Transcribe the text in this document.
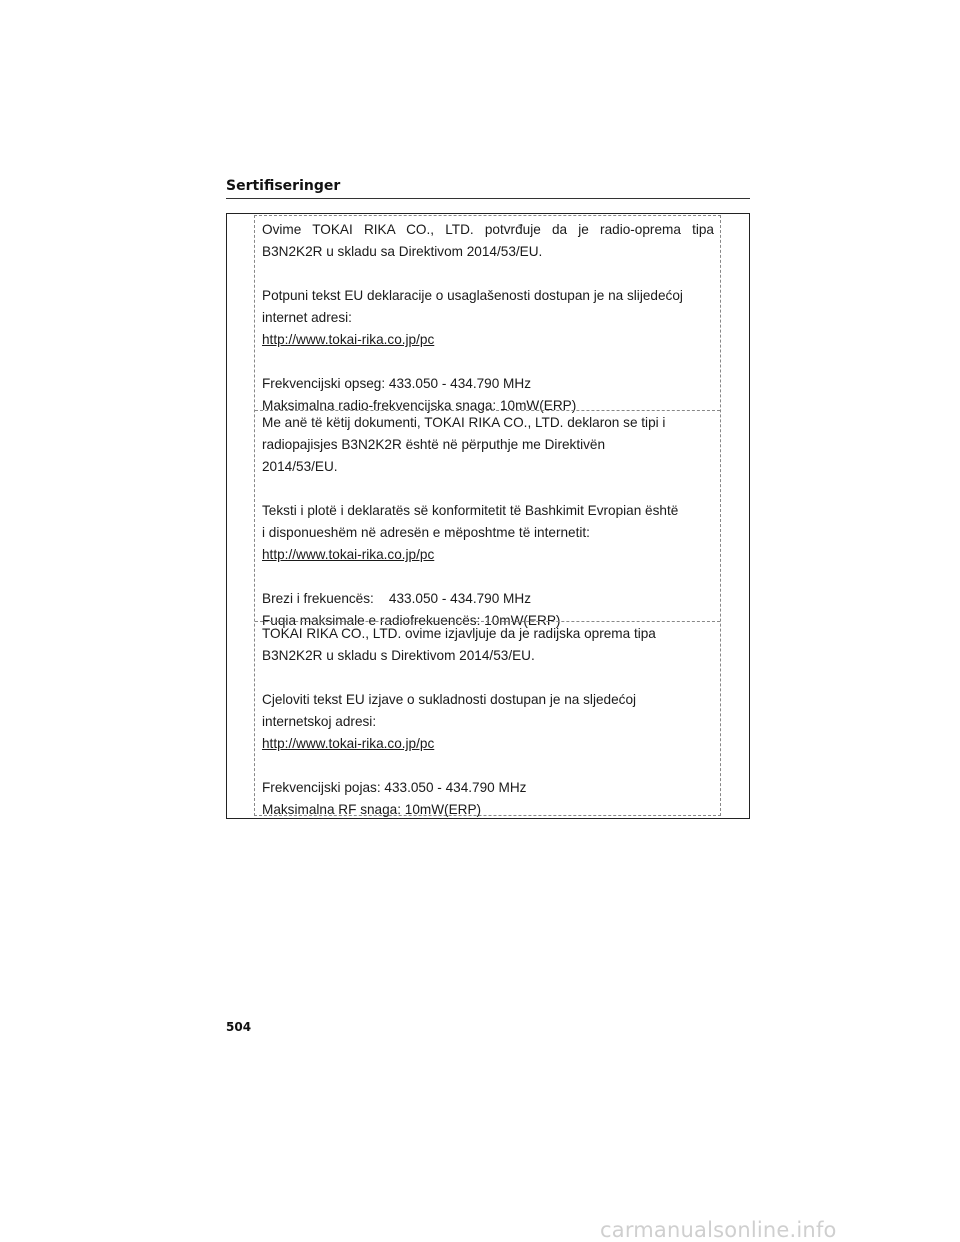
Sertifiseringer

Ovime TOKAI RIKA CO., LTD. potvrđuje da je radio-oprema tipa

B3N2K2R u skladu sa Direktivom 2014/53/EU.

Potpuni tekst EU deklaracije o usaglašenosti dostupan je na slijedećoj

internet adresi:

http://www.tokai-rika.co.jp/pc

Frekvencijski opseg: 433.050 - 434.790 MHz

Maksimalna radio-frekvencijska snaga: 10mW(ERP)

Me anë të këtij dokumenti, TOKAI RIKA CO., LTD. deklaron se tipi i

radiopajisjes B3N2K2R është në përputhje me Direktivën

2014/53/EU.

Teksti i plotë i deklaratës së konformitetit të Bashkimit Evropian është

i disponueshëm në adresën e mëposhtme të internetit:

http://www.tokai-rika.co.jp/pc

Brezi i frekuencës:    433.050 - 434.790 MHz

Fuqia maksimale e radiofrekuencës: 10mW(ERP)

TOKAI RIKA CO., LTD. ovime izjavljuje da je radijska oprema tipa

B3N2K2R u skladu s Direktivom 2014/53/EU.

Cjeloviti tekst EU izjave o sukladnosti dostupan je na sljedećoj

internetskoj adresi:

http://www.tokai-rika.co.jp/pc

Frekvencijski pojas: 433.050 - 434.790 MHz

Maksimalna RF snaga: 10mW(ERP)

504
carmanualsonline.info
